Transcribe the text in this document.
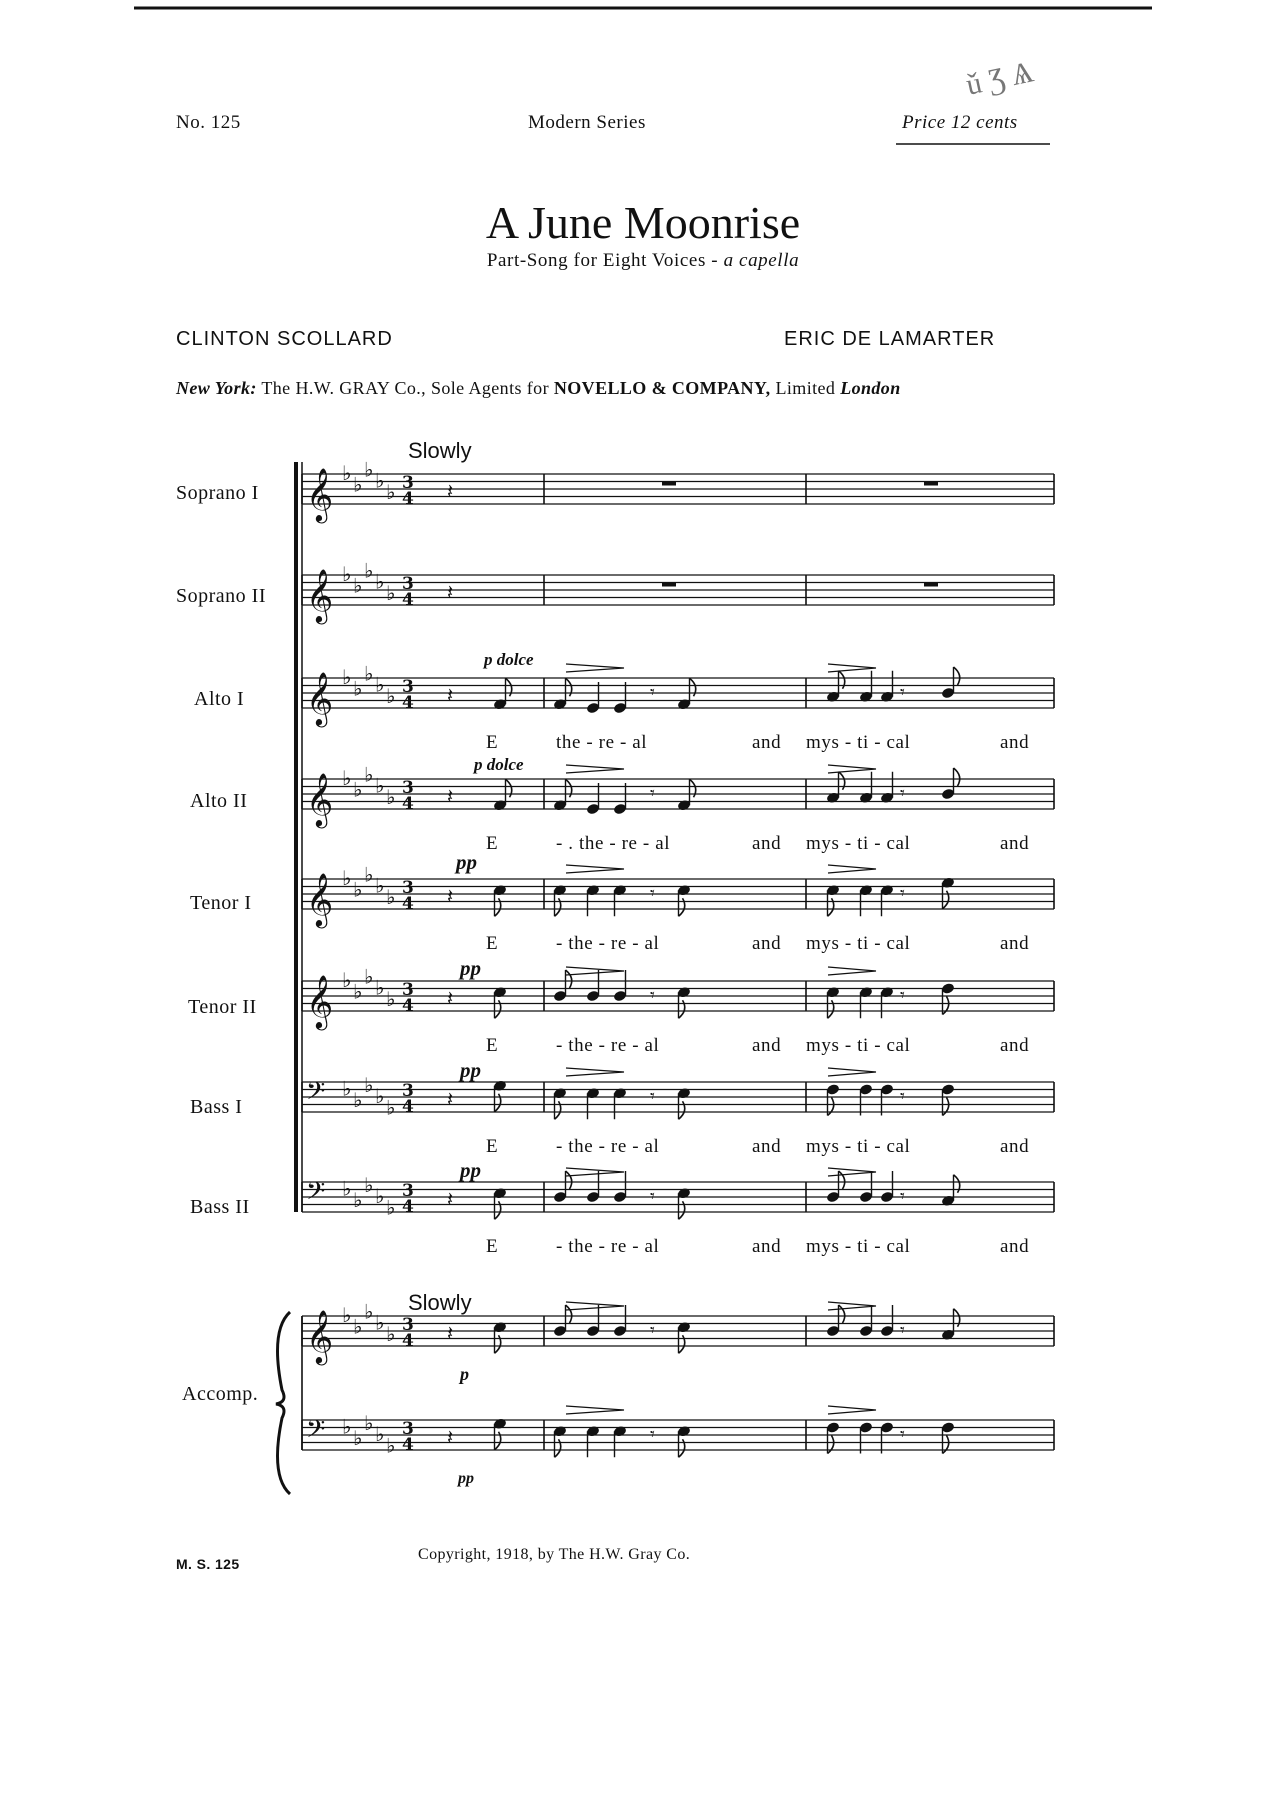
No. 125	Modern Series	Price 12 cents
ǔ Ʒ Ѧ
A June Moonrise
Part-Song for Eight Voices - a capella
CLINTON SCOLLARD	ERIC DE LAMARTER
New York: The H.W. GRAY Co., Sole Agents for NOVELLO & COMPANY, Limited London
Slowly
Slowly
Soprano I
Soprano II
Alto I
Alto II
Tenor I
Tenor II
Bass I
Bass II
Accomp.
p dolce
p dolce
pp
pp
pp
pp
p
pp
E	the - re - al	and mys - ti - cal	and
E	- . the - re - al	and mys - ti - cal	and
E	- the - re - al	and mys - ti - cal	and
E	- the - re - al	and mys - ti - cal	and
E	- the - re - al	and mys - ti - cal	and
E	- the - re - al	and mys - ti - cal	and
𝄞 ♭ ♭
♭ ♭ ♭ 3
4 𝄽
𝄞 ♭ ♭
♭ ♭ ♭ 3
4 𝄽
𝄞 ♭ ♭
♭ ♭ ♭ 3
4 𝄽	𝄾	𝄾
𝄞 ♭ ♭
♭ ♭ ♭ 3
4 𝄽	𝄾	𝄾
𝄞 ♭ ♭
♭ ♭ ♭ 3
4 𝄽	𝄾	𝄾
𝄞 ♭ ♭
♭ ♭ ♭ 3
4 𝄽	𝄾	𝄾
𝄢 ♭ ♭
♭ ♭ ♭
3
4 𝄽	𝄾	𝄾
𝄢 ♭ ♭
♭ ♭ ♭
3
4 𝄽	𝄾	𝄾
𝄞 ♭ ♭
♭ ♭ ♭ 3
4 𝄽	𝄾	𝄾
𝄢 ♭ ♭
♭ ♭ ♭
3
4 𝄽	𝄾	𝄾
M. S. 125
Copyright, 1918, by The H.W. Gray Co.
